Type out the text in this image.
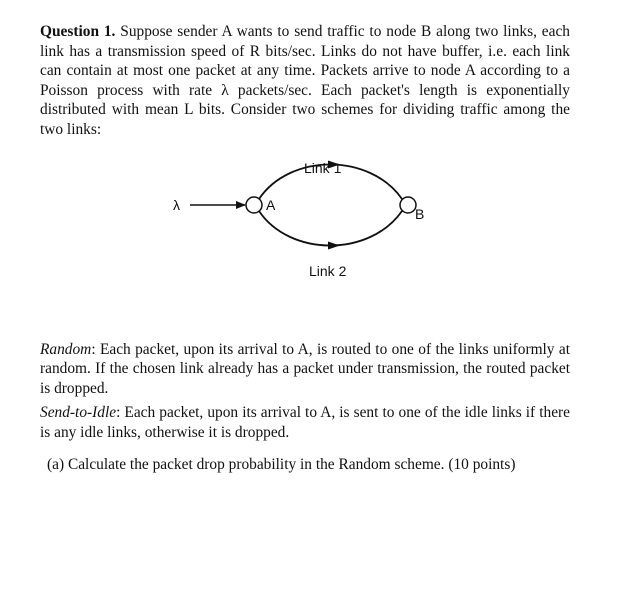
Question 1. Suppose sender A wants to send traffic to node B along two links, each link has a transmission speed of R bits/sec. Links do not have buffer, i.e. each link can contain at most one packet at any time. Packets arrive to node A according to a Poisson process with rate λ packets/sec. Each packet's length is exponentially distributed with mean L bits. Consider two schemes for dividing traffic among the two links:

λ	A
B
Link 1
Link 2

Random: Each packet, upon its arrival to A, is routed to one of the links uniformly at random. If the chosen link already has a packet under transmission, the routed packet is dropped.

Send-to-Idle: Each packet, upon its arrival to A, is sent to one of the idle links if there is any idle links, otherwise it is dropped.

(a) Calculate the packet drop probability in the Random scheme. (10 points)
